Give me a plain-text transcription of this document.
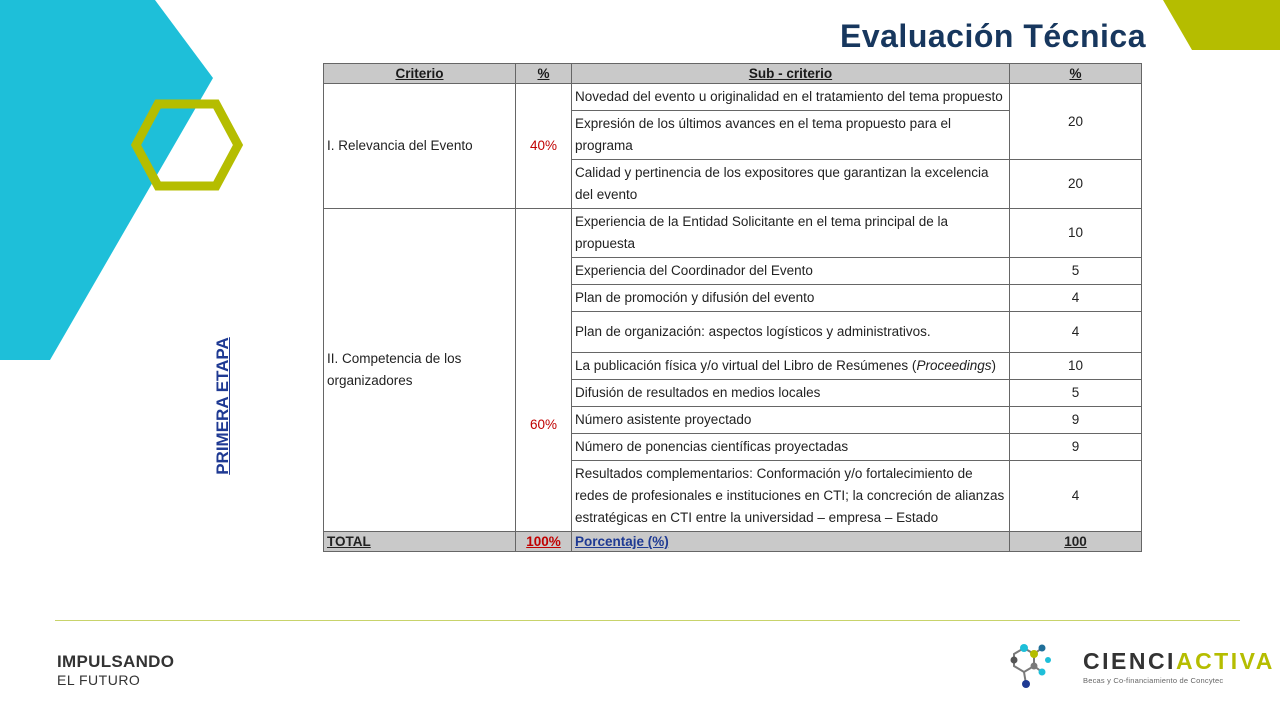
Evaluación Técnica
PRIMERA ETAPA
Criterio	%	Sub - criterio	%
I. Relevancia del Evento	40%	Novedad del evento u originalidad en el tratamiento del tema propuesto	20
		Expresión de los últimos avances en el tema propuesto para el programa	
		Calidad y pertinencia de los expositores que garantizan la excelencia del evento	20
II. Competencia de los organizadores	60%	Experiencia de la Entidad Solicitante en el tema principal de la propuesta	10
		Experiencia del Coordinador del Evento	5
		Plan de promoción y difusión del evento	4
		Plan de organización: aspectos logísticos y administrativos.	4
		La publicación física y/o virtual del Libro de Resúmenes (Proceedings)	10
		Difusión de resultados en medios locales	5
		Número asistente proyectado	9
		Número de ponencias científicas proyectadas	9
		Resultados complementarios: Conformación y/o fortalecimiento de redes de profesionales e instituciones en CTI; la concreción de alianzas estratégicas en CTI entre la universidad – empresa – Estado	4
TOTAL	100%	Porcentaje (%)	100
IMPULSANDO
EL FUTURO
CIENCIACTIVA
Becas y Co-financiamiento de Concytec
